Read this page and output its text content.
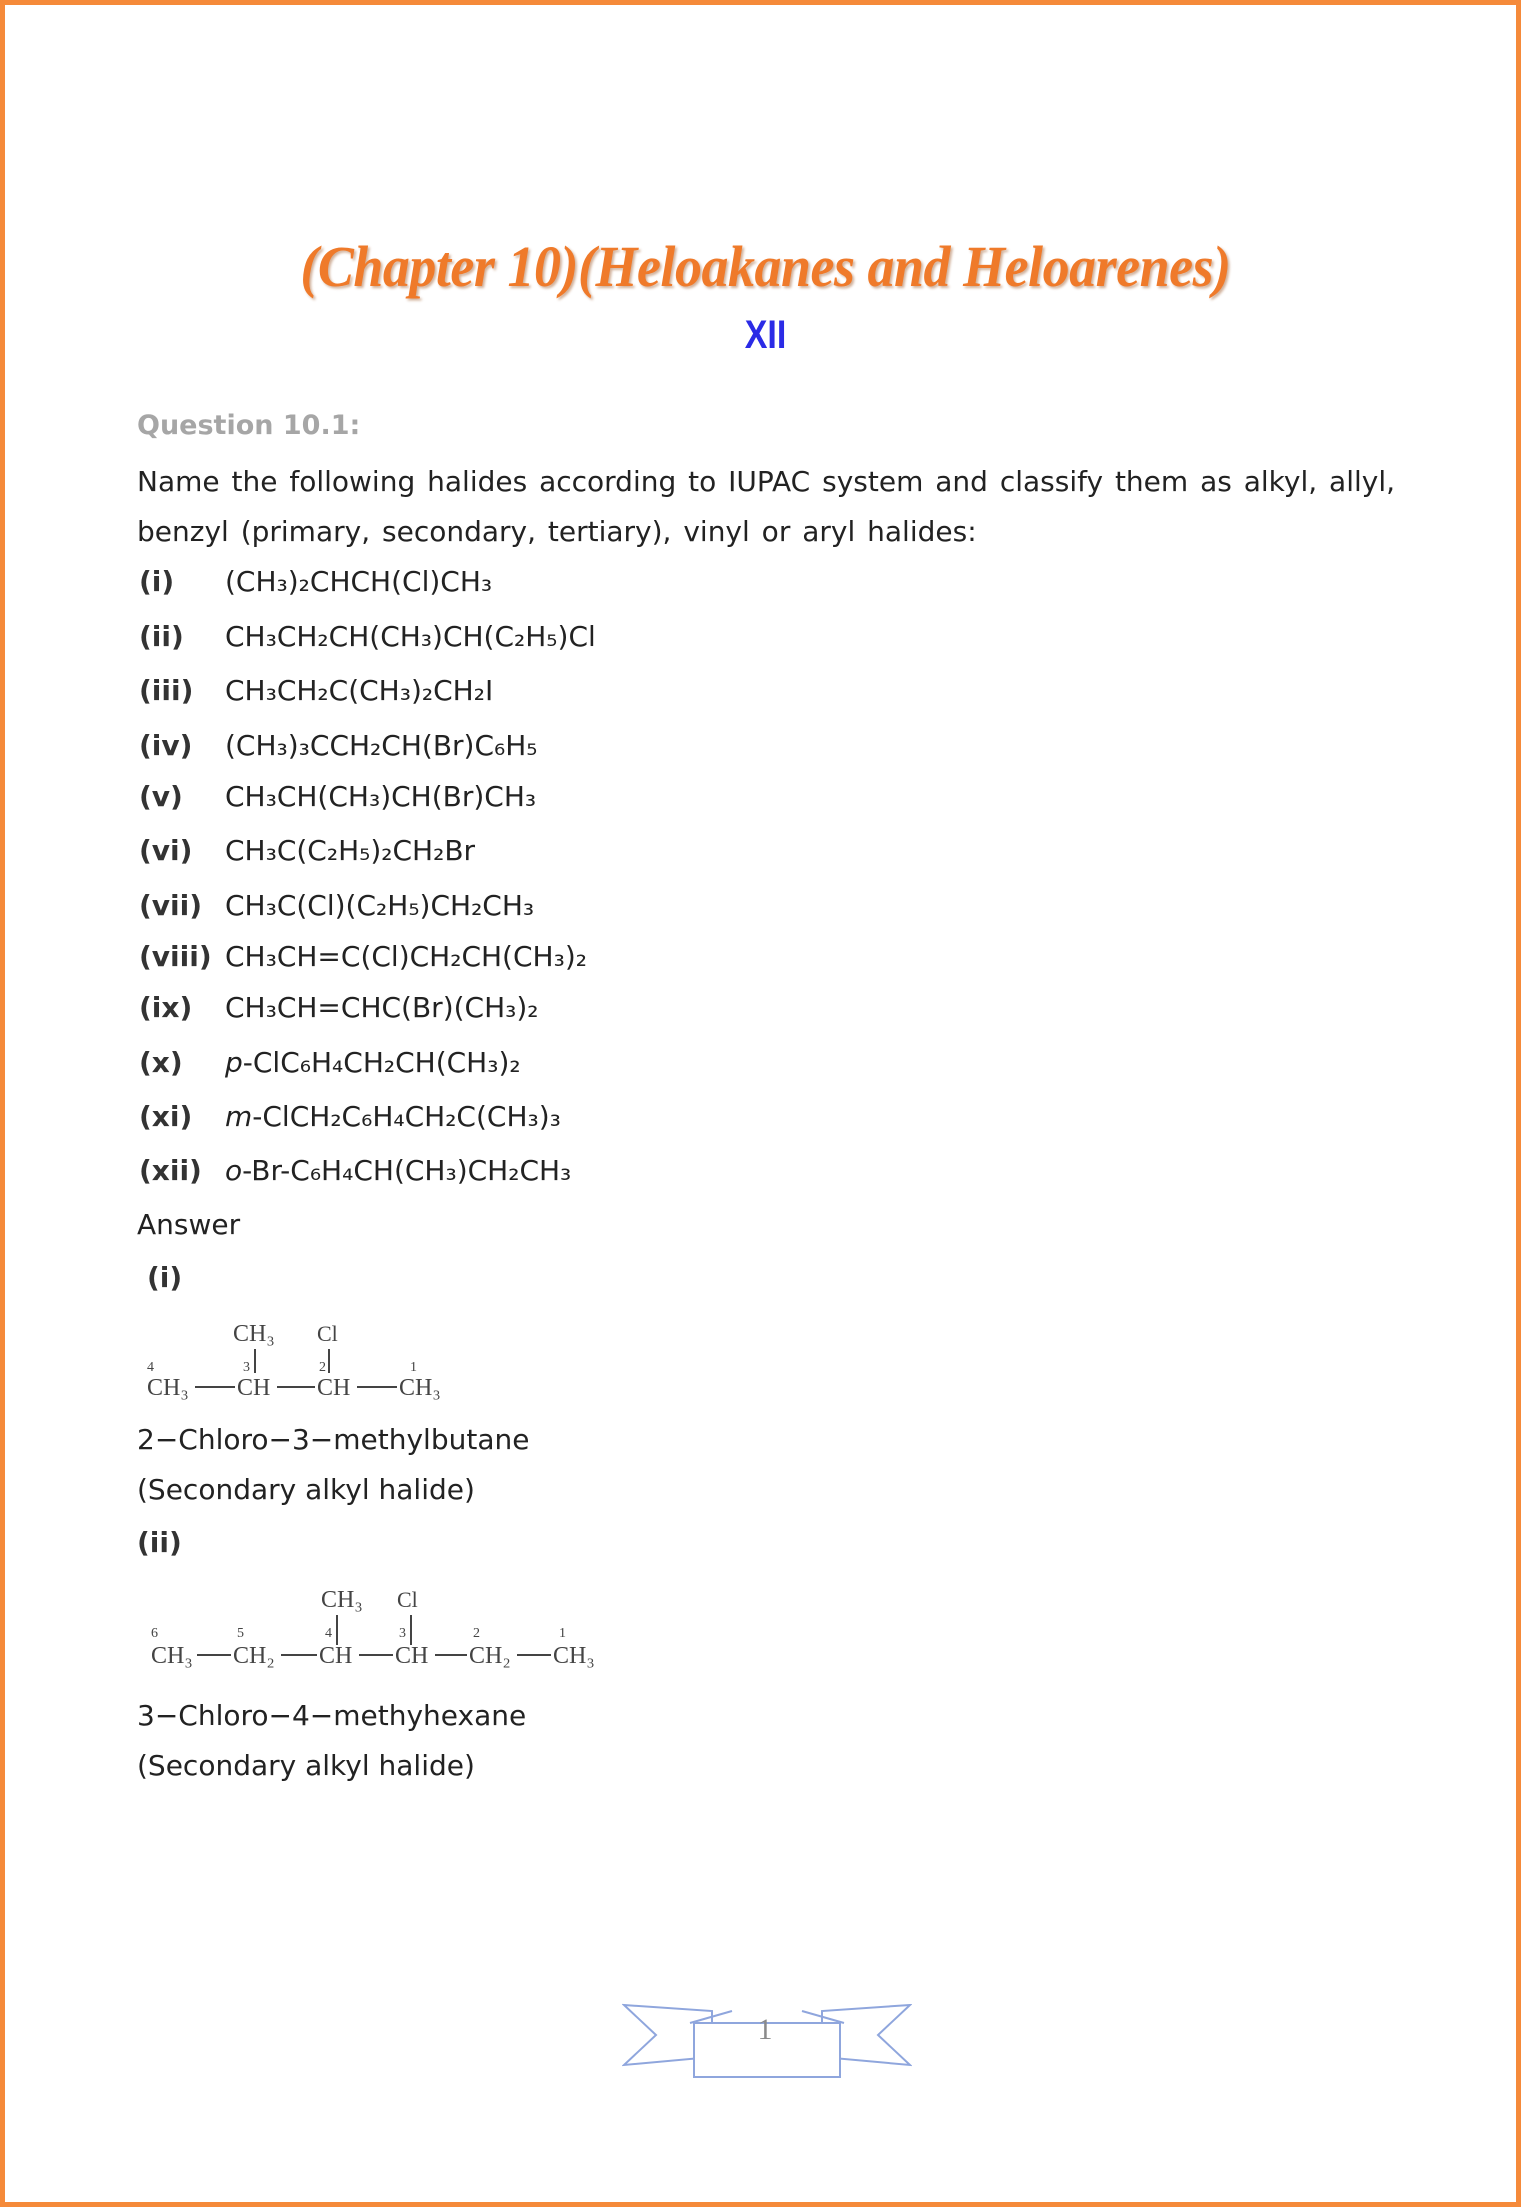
(Chapter 10)(Heloakanes and Heloarenes)
XII
Question 10.1:
Name the following halides according to IUPAC system and classify them as alkyl, allyl, benzyl (primary, secondary, tertiary), vinyl or aryl halides:
(i) (CH₃)₂CHCH(Cl)CH₃
(ii) CH₃CH₂CH(CH₃)CH(C₂H₅)Cl
(iii) CH₃CH₂C(CH₃)₂CH₂I
(iv) (CH₃)₃CCH₂CH(Br)C₆H₅
(v) CH₃CH(CH₃)CH(Br)CH₃
(vi) CH₃C(C₂H₅)₂CH₂Br
(vii) CH₃C(Cl)(C₂H₅)CH₂CH₃
(viii) CH₃CH=C(Cl)CH₂CH(CH₃)₂
(ix) CH₃CH=CHC(Br)(CH₃)₂
(x) p-ClC₆H₄CH₂CH(CH₃)₂
(xi) m-ClCH₂C₆H₄CH₂C(CH₃)₃
(xii) o-Br-C₆H₄CH(CH₃)CH₂CH₃
Answer
(i)
CH₃ Cl
4	3	2	1
CH₃ CH CH CH₃
2−Chloro−3−methylbutane
(Secondary alkyl halide)
(ii)
CH₃ Cl
6	5	4	3	2	1
CH₃ CH₂ CH CH CH₂ CH₃
3−Chloro−4−methyhexane
(Secondary alkyl halide)
1
